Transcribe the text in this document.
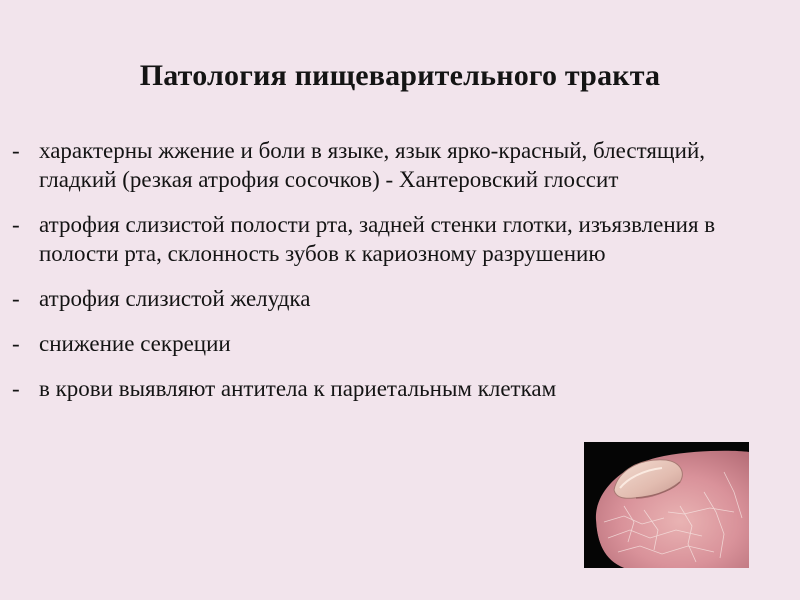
Патология пищеварительного тракта
- характерны жжение и боли в языке, язык ярко-красный, блестящий, гладкий (резкая атрофия сосочков) - Хантеровский глоссит
- атрофия слизистой полости рта, задней стенки глотки, изъязвления в полости рта, склонность зубов к кариозному разрушению
- атрофия слизистой желудка
- снижение секреции
- в крови выявляют антитела к париетальным клеткам
